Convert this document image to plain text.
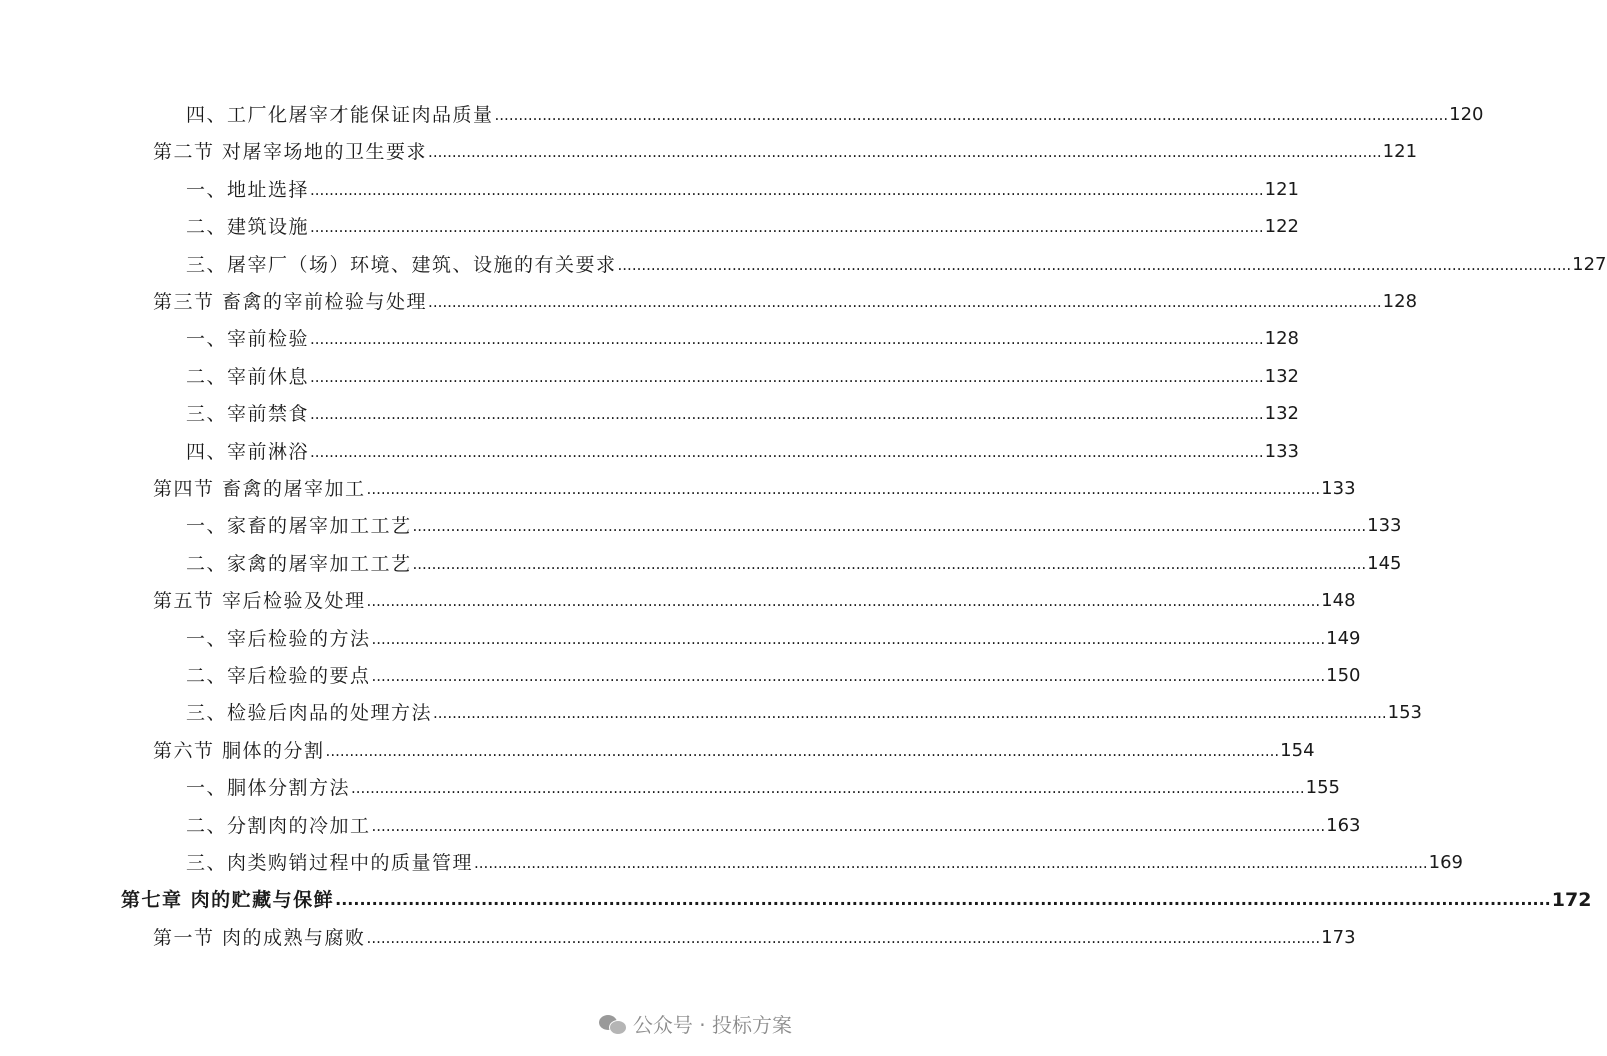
四、工厂化屠宰才能保证肉品质量 ........................................................................................................................................................................................................ 120
第二节 对屠宰场地的卫生要求 ........................................................................................................................................................................................................ 121
一、地址选择 ........................................................................................................................................................................................................ 121
二、建筑设施 ........................................................................................................................................................................................................ 122
三、屠宰厂（场）环境、建筑、设施的有关要求 ........................................................................................................................................................................................................ 127
第三节 畜禽的宰前检验与处理 ........................................................................................................................................................................................................ 128
一、宰前检验 ........................................................................................................................................................................................................ 128
二、宰前休息 ........................................................................................................................................................................................................ 132
三、宰前禁食 ........................................................................................................................................................................................................ 132
四、宰前淋浴 ........................................................................................................................................................................................................ 133
第四节 畜禽的屠宰加工 ........................................................................................................................................................................................................ 133
一、家畜的屠宰加工工艺 ........................................................................................................................................................................................................ 133
二、家禽的屠宰加工工艺 ........................................................................................................................................................................................................ 145
第五节 宰后检验及处理 ........................................................................................................................................................................................................ 148
一、宰后检验的方法 ........................................................................................................................................................................................................ 149
二、宰后检验的要点 ........................................................................................................................................................................................................ 150
三、检验后肉品的处理方法 ........................................................................................................................................................................................................ 153
第六节 胴体的分割 ........................................................................................................................................................................................................ 154
一、胴体分割方法 ........................................................................................................................................................................................................ 155
二、分割肉的冷加工 ........................................................................................................................................................................................................ 163
三、肉类购销过程中的质量管理 ........................................................................................................................................................................................................ 169
第七章 肉的贮藏与保鲜 ........................................................................................................................................................................................................ 172
第一节 肉的成熟与腐败 ........................................................................................................................................................................................................ 173
公众号 · 投标方案
